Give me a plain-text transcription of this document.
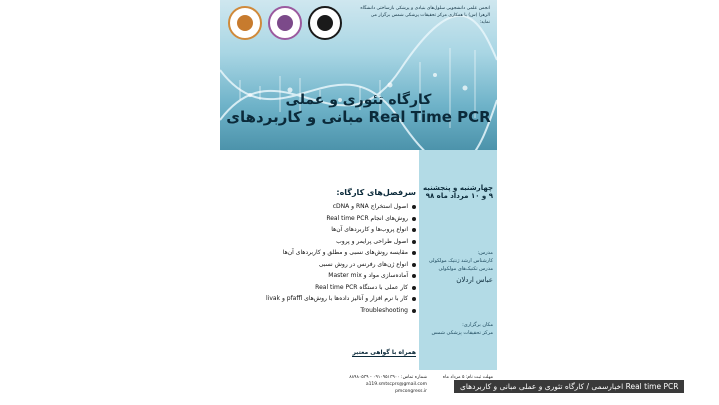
انجمن علمی دانشجویی سلول‌های بنیادی و پزشکی بازساختی دانشگاه الزهرا (س) با همکاری مرکز تحقیقات پزشکی شمس برگزار می نماید:
کارگاه تئوری و عملی
مبانی و کاربردهای Real Time PCR
چهارشنبه و پنجشنبه
۹ و ۱۰ مرداد ماه ۹۸
مدرس:
کارشناس ارشد ژنتیک مولکولی
مدرس تکنیک‌های مولکولی
عباس اردلان
مکان برگزاری:
مرکز تحقیقات پزشکی شمس
سرفصل‌های کارگاه:
اصول استخراج RNA و cDNA
روش‌های انجام Real time PCR
انواع پروب‌ها و کاربردهای آن‌ها
اصول طراحی پرایمر و پروب
مقایسه روش‌های نسبی و مطلق و کاربردهای آن‌ها
انواع ژن‌های رفرنس در روش نسبی
آماده‌سازی مواد و Master mix
کار عملی با دستگاه Real time PCR
کار با نرم افزار و آنالیز داده‌ها با روش‌های pfaffl و livak
Troubleshooting
همراه با گواهی معتبر
شماره تماس: ۰۹۱۰۹۵۱۳۹۰۰ - ۸۸۹۸۰۵۳۹
a119.smtscprs@gmail.com
pmcongress.ir
مهلت ثبت نام: ۵ مرداد ماه
Real time PCR اخبارسمی / کارگاه تئوری و عملی مبانی و کاربردهای
